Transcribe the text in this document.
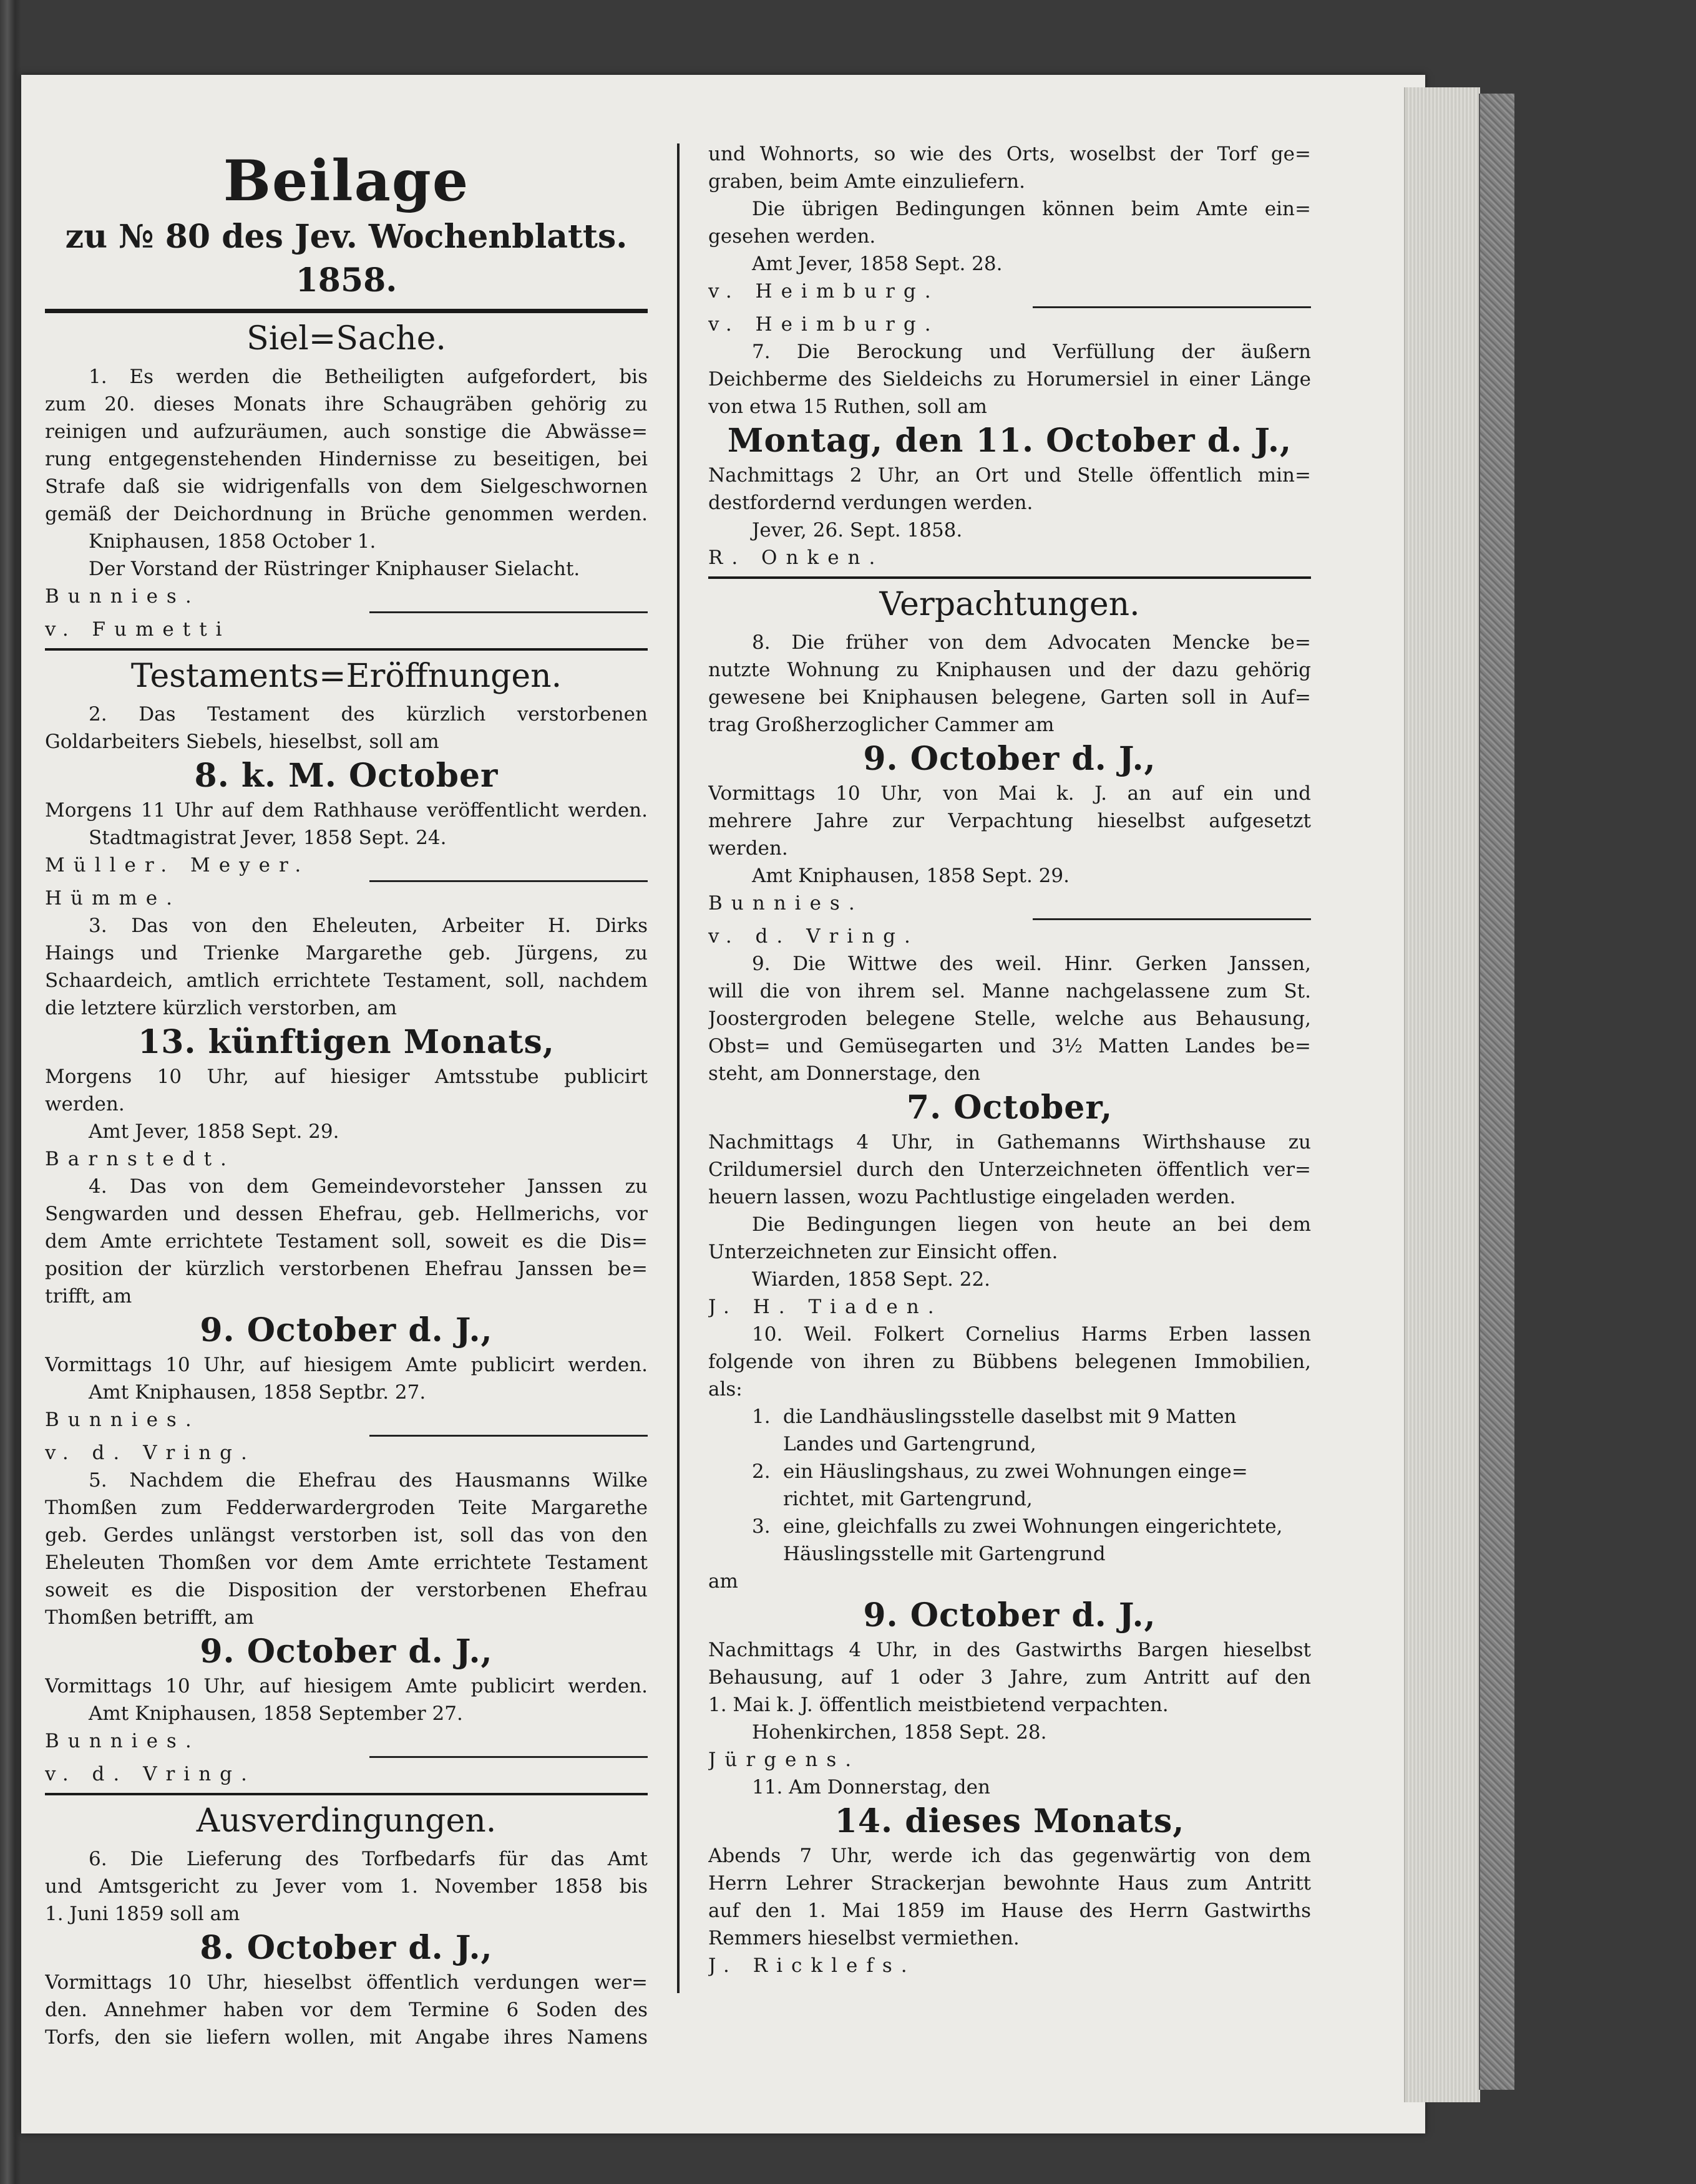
Beilage
zu № 80 des Jev. Wochenblatts. 1858.
Siel=Sache.

1. Es werden die Betheiligten aufgefordert, bis

zum 20. dieses Monats ihre Schaugräben gehörig zu

reinigen und aufzuräumen, auch sonstige die Abwässe=

rung entgegenstehenden Hindernisse zu beseitigen, bei

Strafe daß sie widrigenfalls von dem Sielgeschwornen

gemäß der Deichordnung in Brüche genommen werden.

Kniphausen, 1858 October 1.

Der Vorstand der Rüstringer Kniphauser Sielacht.

Bunnies.

v. Fumetti

Testaments=Eröffnungen.

2. Das Testament des kürzlich verstorbenen

Goldarbeiters Siebels, hieselbst, soll am

8. k. M. October

Morgens 11 Uhr auf dem Rathhause veröffentlicht werden.

Stadtmagistrat Jever, 1858 Sept. 24.

Müller. Meyer.

Hümme.

3. Das von den Eheleuten, Arbeiter H. Dirks

Haings und Trienke Margarethe geb. Jürgens, zu

Schaardeich, amtlich errichtete Testament, soll, nachdem

die letztere kürzlich verstorben, am

13. künftigen Monats,

Morgens 10 Uhr, auf hiesiger Amtsstube publicirt

werden.

Amt Jever, 1858 Sept. 29.

Barnstedt.

4. Das von dem Gemeindevorsteher Janssen zu

Sengwarden und dessen Ehefrau, geb. Hellmerichs, vor

dem Amte errichtete Testament soll, soweit es die Dis=

position der kürzlich verstorbenen Ehefrau Janssen be=

trifft, am

9. October d. J.,

Vormittags 10 Uhr, auf hiesigem Amte publicirt werden.

Amt Kniphausen, 1858 Septbr. 27.

Bunnies.

v. d. Vring.

5. Nachdem die Ehefrau des Hausmanns Wilke

Thomßen zum Fedderwardergroden Teite Margarethe

geb. Gerdes unlängst verstorben ist, soll das von den

Eheleuten Thomßen vor dem Amte errichtete Testament

soweit es die Disposition der verstorbenen Ehefrau

Thomßen betrifft, am

9. October d. J.,

Vormittags 10 Uhr, auf hiesigem Amte publicirt werden.

Amt Kniphausen, 1858 September 27.

Bunnies.

v. d. Vring.

Ausverdingungen.

6. Die Lieferung des Torfbedarfs für das Amt

und Amtsgericht zu Jever vom 1. November 1858 bis

1. Juni 1859 soll am

8. October d. J.,

Vormittags 10 Uhr, hieselbst öffentlich verdungen wer=

den. Annehmer haben vor dem Termine 6 Soden des

Torfs, den sie liefern wollen, mit Angabe ihres Namens

und Wohnorts, so wie des Orts, woselbst der Torf ge=

graben, beim Amte einzuliefern.

Die übrigen Bedingungen können beim Amte ein=

gesehen werden.

Amt Jever, 1858 Sept. 28.

v. Heimburg.

v. Heimburg.

7. Die Berockung und Verfüllung der äußern

Deichberme des Sieldeichs zu Horumersiel in einer Länge

von etwa 15 Ruthen, soll am

Montag, den 11. October d. J.,

Nachmittags 2 Uhr, an Ort und Stelle öffentlich min=

destfordernd verdungen werden.

Jever, 26. Sept. 1858.

R. Onken.

Verpachtungen.

8. Die früher von dem Advocaten Mencke be=

nutzte Wohnung zu Kniphausen und der dazu gehörig

gewesene bei Kniphausen belegene, Garten soll in Auf=

trag Großherzoglicher Cammer am

9. October d. J.,

Vormittags 10 Uhr, von Mai k. J. an auf ein und

mehrere Jahre zur Verpachtung hieselbst aufgesetzt

werden.

Amt Kniphausen, 1858 Sept. 29.

Bunnies.

v. d. Vring.

9. Die Wittwe des weil. Hinr. Gerken Janssen,

will die von ihrem sel. Manne nachgelassene zum St.

Joostergroden belegene Stelle, welche aus Behausung,

Obst= und Gemüsegarten und 3½ Matten Landes be=

steht, am Donnerstage, den

7. October,

Nachmittags 4 Uhr, in Gathemanns Wirthshause zu

Crildumersiel durch den Unterzeichneten öffentlich ver=

heuern lassen, wozu Pachtlustige eingeladen werden.

Die Bedingungen liegen von heute an bei dem

Unterzeichneten zur Einsicht offen.

Wiarden, 1858 Sept. 22.

J. H. Tiaden.

10. Weil. Folkert Cornelius Harms Erben lassen

folgende von ihren zu Bübbens belegenen Immobilien,

als:

1. die Landhäuslingsstelle daselbst mit 9 Matten

Landes und Gartengrund,

2. ein Häuslingshaus, zu zwei Wohnungen einge=

richtet, mit Gartengrund,

3. eine, gleichfalls zu zwei Wohnungen eingerichtete,

Häuslingsstelle mit Gartengrund

am

9. October d. J.,

Nachmittags 4 Uhr, in des Gastwirths Bargen hieselbst

Behausung, auf 1 oder 3 Jahre, zum Antritt auf den

1. Mai k. J. öffentlich meistbietend verpachten.

Hohenkirchen, 1858 Sept. 28.

Jürgens.

11. Am Donnerstag, den

14. dieses Monats,

Abends 7 Uhr, werde ich das gegenwärtig von dem

Herrn Lehrer Strackerjan bewohnte Haus zum Antritt

auf den 1. Mai 1859 im Hause des Herrn Gastwirths

Remmers hieselbst vermiethen.

J. Ricklefs.
